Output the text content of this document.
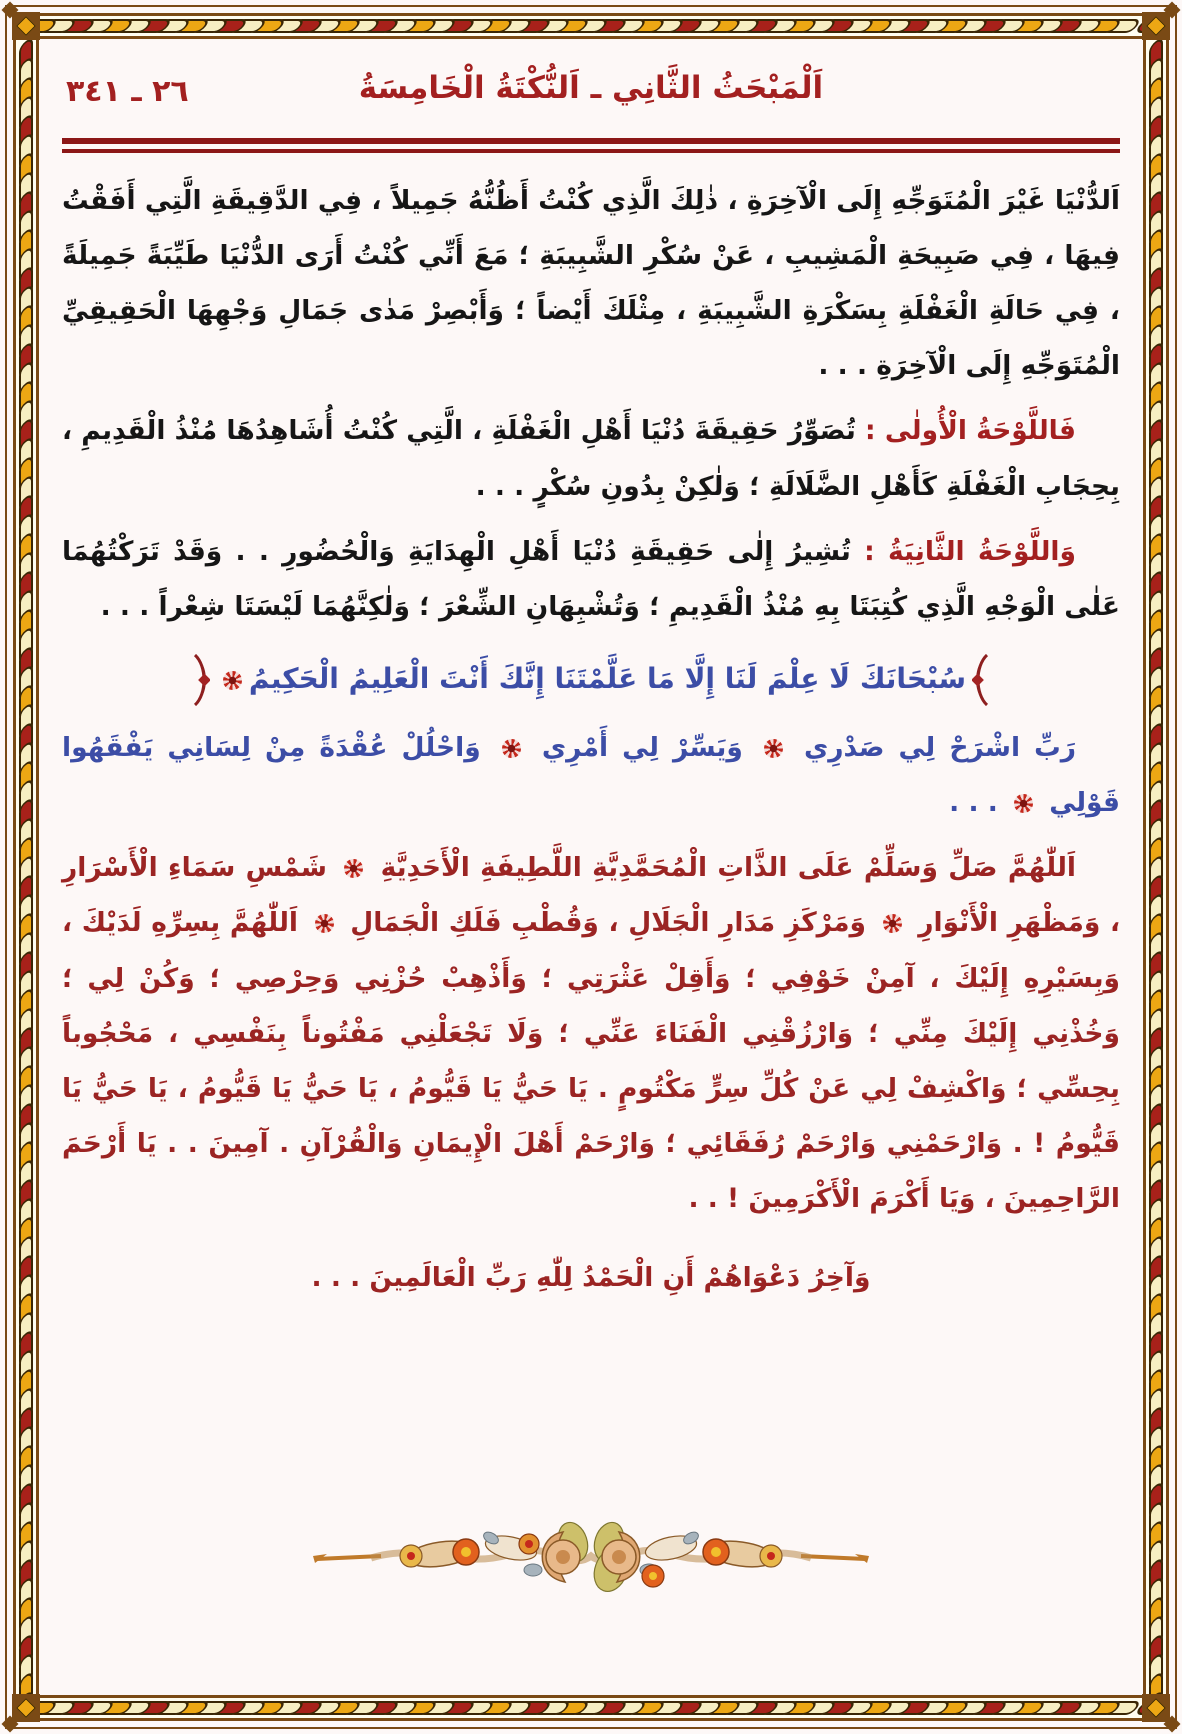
٢٦ ـ ٣٤١	اَلْمَبْحَثُ الثَّانِي ـ اَلنُّكْتَةُ الْخَامِسَةُ

اَلدُّنْيَا غَيْرَ الْمُتَوَجِّهِ إِلَى الْآخِرَةِ ، ذٰلِكَ الَّذِي كُنْتُ أَظُنُّهُ جَمِيلاً ، فِي الدَّقِيقَةِ الَّتِي أَفَقْتُ فِيهَا ، فِي صَبِيحَةِ الْمَشِيبِ ، عَنْ سُكْرِ الشَّبِيبَةِ ؛ مَعَ أَنِّي كُنْتُ أَرَى الدُّنْيَا طَيِّبَةً جَمِيلَةً ، فِي حَالَةِ الْغَفْلَةِ بِسَكْرَةِ الشَّبِيبَةِ ، مِثْلَكَ أَيْضاً ؛ وَأَبْصِرْ مَدٰى جَمَالِ وَجْهِهَا الْحَقِيقِيِّ الْمُتَوَجِّهِ إِلَى الْآخِرَةِ . . .

فَاللَّوْحَةُ الْأُولٰى : تُصَوِّرُ حَقِيقَةَ دُنْيَا أَهْلِ الْغَفْلَةِ ، الَّتِي كُنْتُ أُشَاهِدُهَا مُنْذُ الْقَدِيمِ ، بِحِجَابِ الْغَفْلَةِ كَأَهْلِ الضَّلَالَةِ ؛ وَلٰكِنْ بِدُونِ سُكْرٍ . . .

وَاللَّوْحَةُ الثَّانِيَةُ : تُشِيرُ إِلٰى حَقِيقَةِ دُنْيَا أَهْلِ الْهِدَايَةِ وَالْحُضُورِ . . وَقَدْ تَرَكْتُهُمَا عَلٰى الْوَجْهِ الَّذِي كُتِبَتَا بِهِ مُنْذُ الْقَدِيمِ ؛ وَتُشْبِهَانِ الشِّعْرَ ؛ وَلٰكِنَّهُمَا لَيْسَتَا شِعْراً . . .

سُبْحَانَكَ لَا عِلْمَ لَنَا إِلَّا مَا عَلَّمْتَنَا إِنَّكَ أَنْتَ الْعَلِيمُ الْحَكِيمُ

رَبِّ اشْرَحْ لِي صَدْرِي  وَيَسِّرْ لِي أَمْرِي  وَاحْلُلْ عُقْدَةً مِنْ لِسَانِي يَفْقَهُوا قَوْلِي  . . .

اَللّٰهُمَّ صَلِّ وَسَلِّمْ عَلَى الذَّاتِ الْمُحَمَّدِيَّةِ اللَّطِيفَةِ الْأَحَدِيَّةِ  شَمْسِ سَمَاءِ الْأَسْرَارِ ، وَمَظْهَرِ الْأَنْوَارِ  وَمَرْكَزِ مَدَارِ الْجَلَالِ ، وَقُطْبِ فَلَكِ الْجَمَالِ  اَللّٰهُمَّ بِسِرِّهِ لَدَيْكَ ، وَبِسَيْرِهِ إِلَيْكَ ، آمِنْ خَوْفِي ؛ وَأَقِلْ عَثْرَتِي ؛ وَأَذْهِبْ حُزْنِي وَحِرْصِي ؛ وَكُنْ لِي ؛ وَخُذْنِي إِلَيْكَ مِنِّي ؛ وَارْزُقْنِي الْفَنَاءَ عَنِّي ؛ وَلَا تَجْعَلْنِي مَفْتُوناً بِنَفْسِي ، مَحْجُوباً بِحِسِّي ؛ وَاكْشِفْ لِي عَنْ كُلِّ سِرٍّ مَكْتُومٍ . يَا حَيُّ يَا قَيُّومُ ، يَا حَيُّ يَا قَيُّومُ ، يَا حَيُّ يَا قَيُّومُ ! . وَارْحَمْنِي وَارْحَمْ رُفَقَائِي ؛ وَارْحَمْ أَهْلَ الْإِيمَانِ وَالْقُرْآنِ . آمِينَ . . يَا أَرْحَمَ الرَّاحِمِينَ ، وَيَا أَكْرَمَ الْأَكْرَمِينَ ! . .

وَآخِرُ دَعْوَاهُمْ أَنِ الْحَمْدُ لِلّٰهِ رَبِّ الْعَالَمِينَ . . .
